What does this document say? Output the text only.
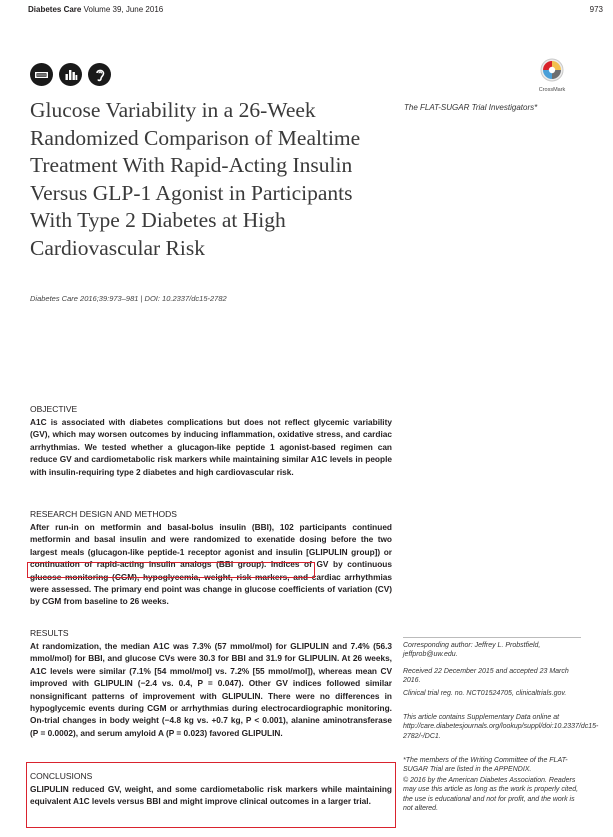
Diabetes Care Volume 39, June 2016	973
CrossMark
Glucose Variability in a 26-Week Randomized Comparison of Mealtime Treatment With Rapid-Acting Insulin Versus GLP-1 Agonist in Participants With Type 2 Diabetes at High Cardiovascular Risk
The FLAT-SUGAR Trial Investigators*
Diabetes Care 2016;39:973–981 | DOI: 10.2337/dc15-2782
OBJECTIVE
A1C is associated with diabetes complications but does not reflect glycemic variability (GV), which may worsen outcomes by inducing inflammation, oxidative stress, and cardiac arrhythmias. We tested whether a glucagon-like peptide 1 agonist-based regimen can reduce GV and cardiometabolic risk markers while maintaining similar A1C levels in people with insulin-requiring type 2 diabetes and high cardiovascular risk.
RESEARCH DESIGN AND METHODS
After run-in on metformin and basal-bolus insulin (BBI), 102 participants continued metformin and basal insulin and were randomized to exenatide dosing before the two largest meals (glucagon-like peptide-1 receptor agonist and insulin [GLIPULIN group]) or continuation of rapid-acting insulin analogs (BBI group). Indices of GV by continuous glucose monitoring (CGM), hypoglycemia, weight, risk markers, and cardiac arrhythmias were assessed. The primary end point was change in glucose coefficients of variation (CV) by CGM from baseline to 26 weeks.
RESULTS
At randomization, the median A1C was 7.3% (57 mmol/mol) for GLIPULIN and 7.4% (56.3 mmol/mol) for BBI, and glucose CVs were 30.3 for BBI and 31.9 for GLIPULIN. At 26 weeks, A1C levels were similar (7.1% [54 mmol/mol] vs. 7.2% [55 mmol/mol]), whereas mean CV improved with GLIPULIN (−2.4 vs. 0.4, P = 0.047). Other GV indices followed similar nonsignificant patterns of improvement with GLIPULIN. There were no differences in hypoglycemic events during CGM or arrhythmias during electrocardiographic monitoring. On-trial changes in body weight (−4.8 kg vs. +0.7 kg, P < 0.001), alanine aminotransferase (P = 0.0002), and serum amyloid A (P = 0.023) favored GLIPULIN.
CONCLUSIONS
GLIPULIN reduced GV, weight, and some cardiometabolic risk markers while maintaining equivalent A1C levels versus BBI and might improve clinical outcomes in a larger trial.
Corresponding author: Jeffrey L. Probstfield, jeffprob@uw.edu.
Received 22 December 2015 and accepted 23 March 2016.
Clinical trial reg. no. NCT01524705, clinicaltrials.gov.
This article contains Supplementary Data online at http://care.diabetesjournals.org/lookup/suppl/doi:10.2337/dc15-2782/-/DC1.
*The members of the Writing Committee of the FLAT-SUGAR Trial are listed in the APPENDIX.
© 2016 by the American Diabetes Association. Readers may use this article as long as the work is properly cited, the use is educational and not for profit, and the work is not altered.
